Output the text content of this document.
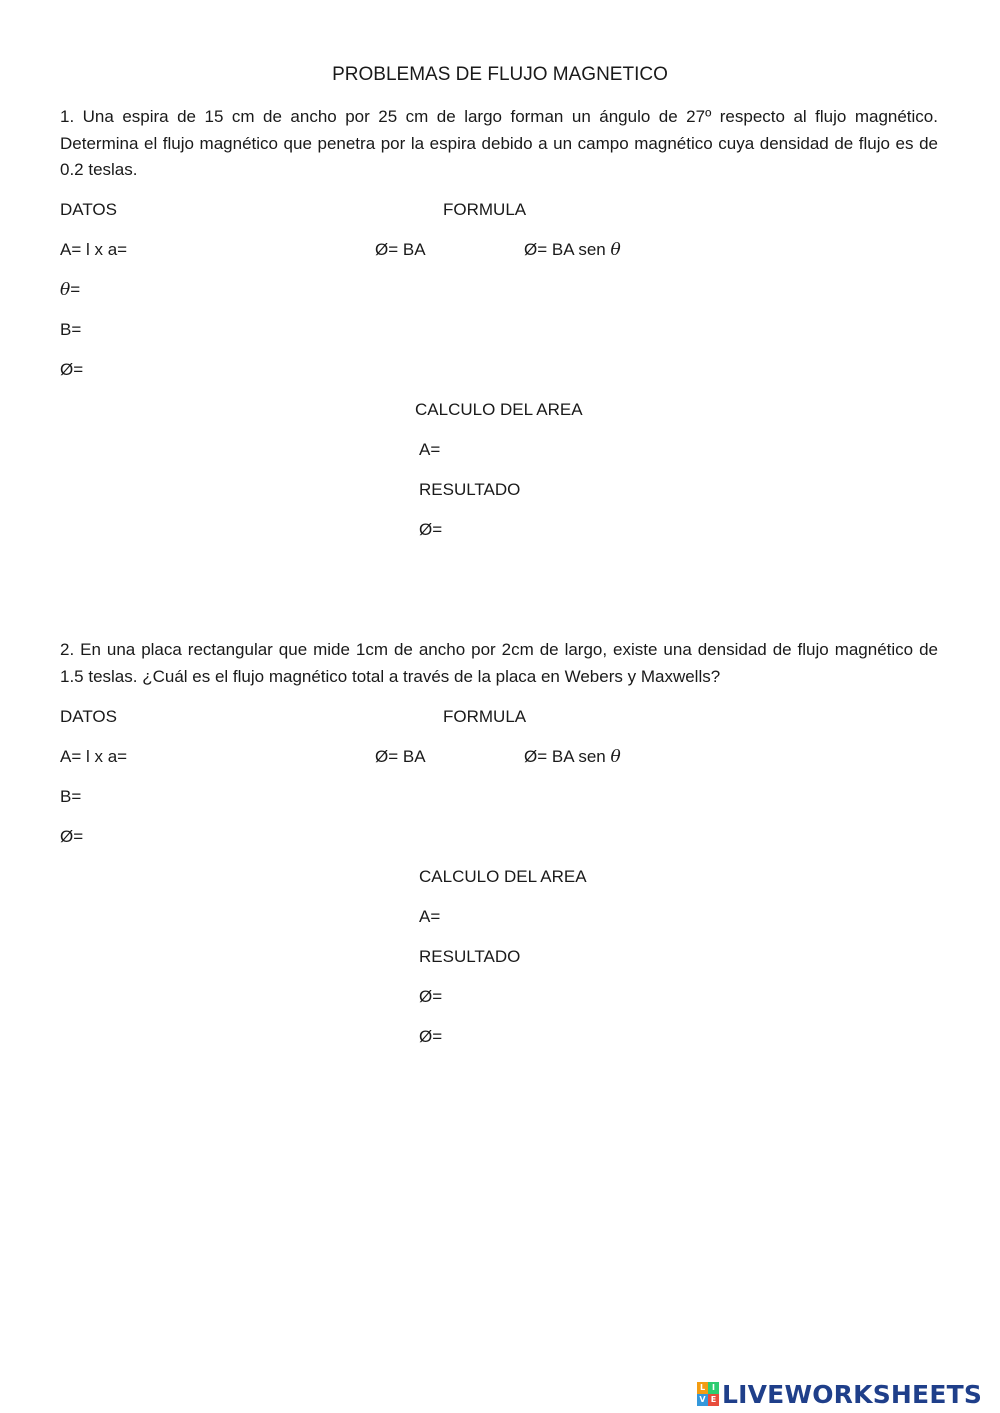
PROBLEMAS DE FLUJO MAGNETICO
1. Una espira de 15 cm de ancho por 25 cm de largo forman un ángulo de 27º respecto al flujo magnético. Determina el flujo magnético que penetra por la espira debido a un campo magnético cuya densidad de flujo es de 0.2 teslas.
DATOS	FORMULA
A= l x a=	Ø= BA	Ø= BA sen θ
θ=
B=
Ø=
CALCULO DEL AREA
A=
RESULTADO
Ø=
2. En una placa rectangular que mide 1cm de ancho por 2cm de largo, existe una densidad de flujo magnético de 1.5 teslas. ¿Cuál es el flujo magnético total a través de la placa en Webers y Maxwells?
DATOS	FORMULA
A= l x a=	Ø= BA	Ø= BA sen θ
B=
Ø=
CALCULO DEL AREA
A=
RESULTADO
Ø=
Ø=
L I
V E LIVEWORKSHEETS
